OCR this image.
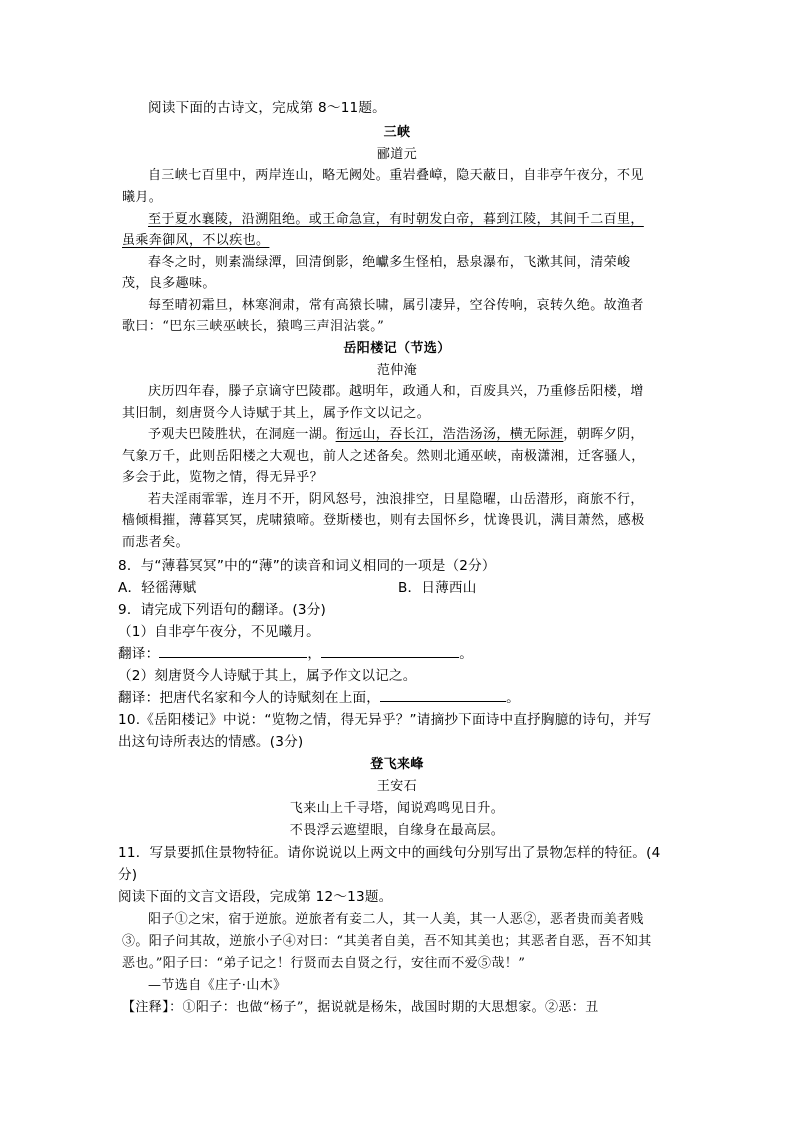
阅读下面的古诗文，完成第 8～11题。
三峡
郦道元
自三峡七百里中，两岸连山，略无阙处。重岩叠嶂，隐天蔽日，自非亭午夜分，不见
曦月。
至于夏水襄陵，沿溯阻绝。或王命急宣，有时朝发白帝，暮到江陵，其间千二百里，
虽乘奔御风，不以疾也。
春冬之时，则素湍绿潭，回清倒影，绝巘多生怪柏，悬泉瀑布，飞漱其间，清荣峻
茂，良多趣味。
每至晴初霜旦，林寒涧肃，常有高猿长啸，属引凄异，空谷传响，哀转久绝。故渔者
歌曰：“巴东三峡巫峡长，猿鸣三声泪沾裳。”
岳阳楼记（节选）
范仲淹
庆历四年春，滕子京谪守巴陵郡。越明年，政通人和，百废具兴，乃重修岳阳楼，增
其旧制，刻唐贤今人诗赋于其上，属予作文以记之。
予观夫巴陵胜状，在洞庭一湖。衔远山，吞长江，浩浩汤汤，横无际涯，朝晖夕阴，
气象万千，此则岳阳楼之大观也，前人之述备矣。然则北通巫峡，南极潇湘，迁客骚人，
多会于此，览物之情，得无异乎？
若夫淫雨霏霏，连月不开，阴风怒号，浊浪排空，日星隐曜，山岳潜形，商旅不行，
樯倾楫摧，薄暮冥冥，虎啸猿啼。登斯楼也，则有去国怀乡，忧谗畏讥，满目萧然，感极
而悲者矣。
8．与“薄暮冥冥”中的“薄”的读音和词义相同的一项是（2分）
A．轻徭薄赋	B．日薄西山
9．请完成下列语句的翻译。(3分)
（1）自非亭午夜分，不见曦月。
翻译：	，	。
（2）刻唐贤今人诗赋于其上，属予作文以记之。
翻译：把唐代名家和今人的诗赋刻在上面，	。
10.《岳阳楼记》中说：“览物之情，得无异乎？”请摘抄下面诗中直抒胸臆的诗句，并写
出这句诗所表达的情感。(3分)
登飞来峰
王安石
飞来山上千寻塔，闻说鸡鸣见日升。
不畏浮云遮望眼，自缘身在最高层。
11．写景要抓住景物特征。请你说说以上两文中的画线句分别写出了景物怎样的特征。(4
分)
阅读下面的文言文语段，完成第 12～13题。
阳子①之宋，宿于逆旅。逆旅者有妾二人，其一人美，其一人恶②，恶者贵而美者贱
③。阳子问其故，逆旅小子④对曰：“其美者自美，吾不知其美也；其恶者自恶，吾不知其
恶也。”阳子曰：“弟子记之！行贤而去自贤之行，安往而不爱⑤哉！”
—节选自《庄子·山木》
【注释】：①阳子：也做“杨子”，据说就是杨朱，战国时期的大思想家。②恶：丑
